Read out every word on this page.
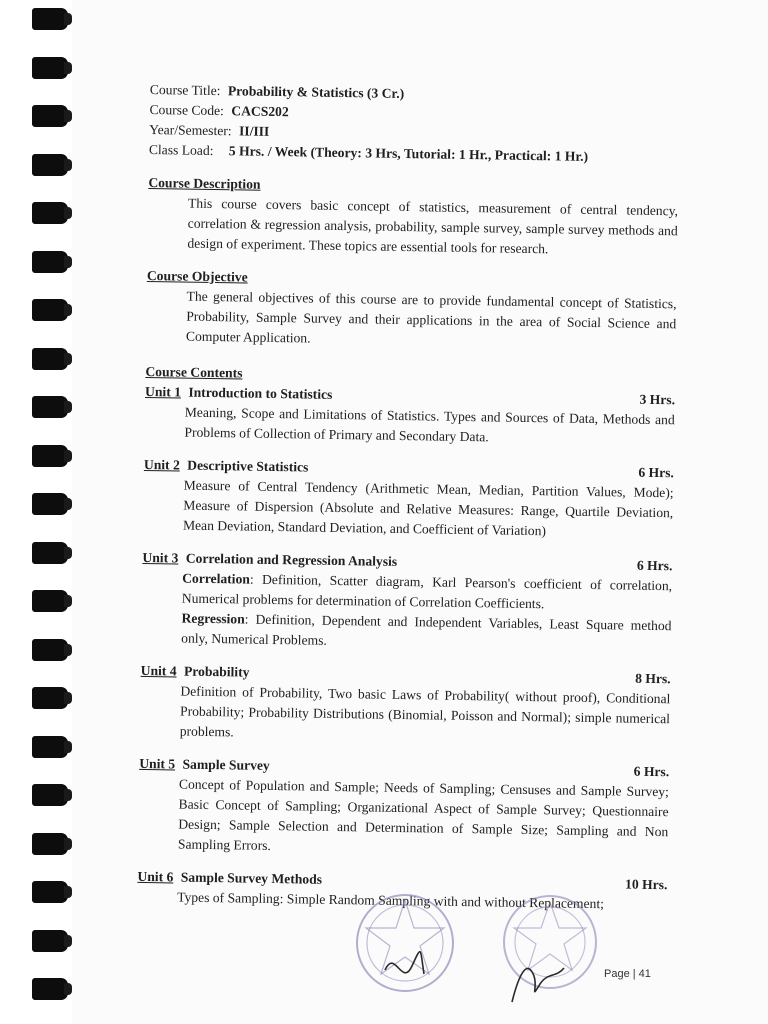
Course Title: Probability & Statistics (3 Cr.)

Course Code: CACS202

Year/Semester: II/III

Class Load: 5 Hrs. / Week (Theory: 3 Hrs, Tutorial: 1 Hr., Practical: 1 Hr.)

Course Description

This course covers basic concept of statistics, measurement of central tendency, correlation & regression analysis, probability, sample survey, sample survey methods and design of experiment. These topics are essential tools for research.

Course Objective

The general objectives of this course are to provide fundamental concept of Statistics, Probability, Sample Survey and their applications in the area of Social Science and Computer Application.

Course Contents

Unit 1 Introduction to Statistics	3 Hrs.

Meaning, Scope and Limitations of Statistics. Types and Sources of Data, Methods and Problems of Collection of Primary and Secondary Data.

Unit 2 Descriptive Statistics	6 Hrs.

Measure of Central Tendency (Arithmetic Mean, Median, Partition Values, Mode); Measure of Dispersion (Absolute and Relative Measures: Range, Quartile Deviation, Mean Deviation, Standard Deviation, and Coefficient of Variation)

Unit 3 Correlation and Regression Analysis	6 Hrs.

Correlation: Definition, Scatter diagram, Karl Pearson's coefficient of correlation, Numerical problems for determination of Correlation Coefficients.

Regression: Definition, Dependent and Independent Variables, Least Square method only, Numerical Problems.

Unit 4 Probability	8 Hrs.

Definition of Probability, Two basic Laws of Probability( without proof), Conditional Probability; Probability Distributions (Binomial, Poisson and Normal); simple numerical problems.

Unit 5 Sample Survey	6 Hrs.

Concept of Population and Sample; Needs of Sampling; Censuses and Sample Survey; Basic Concept of Sampling; Organizational Aspect of Sample Survey; Questionnaire Design; Sample Selection and Determination of Sample Size; Sampling and Non Sampling Errors.

Unit 6 Sample Survey Methods	10 Hrs.

Types of Sampling: Simple Random Sampling with and without Replacement;

Page | 41
